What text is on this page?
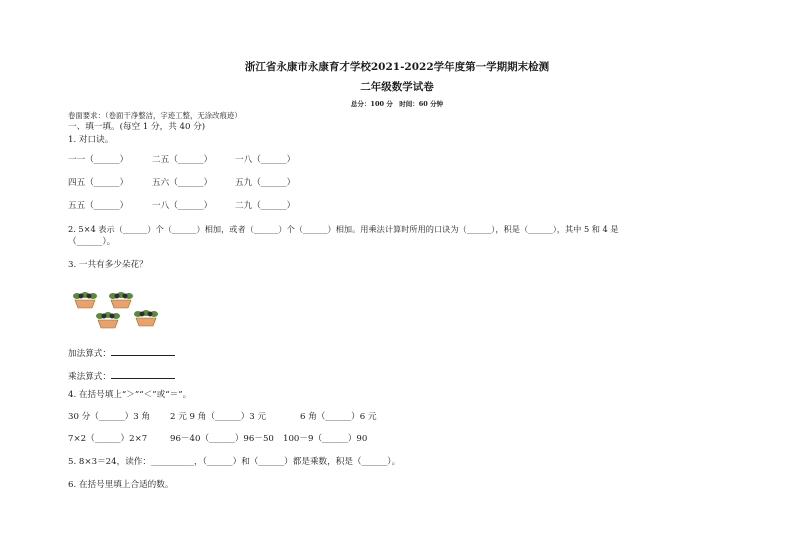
浙江省永康市永康育才学校2021-2022学年度第一学期期末检测
二年级数学试卷
总分：100 分　时间：60 分钟
卷面要求：（卷面干净整洁，字迹工整，无涂改痕迹）
一、填一填。(每空 1 分，共 40 分)
1. 对口诀。
一一（______）	二五（______）	一八（______）
四五（______）	五六（______）	五九（______）
五五（______）	一八（______）	二九（______）
2. 5×4 表示（______）个（______）相加，或者（______）个（______）相加。用乘法计算时所用的口诀为（______），积是（______），其中 5 和 4 是
（______）。
3. 一共有多少朵花？
加法算式：
乘法算式：
4. 在括号填上“＞”“＜”或“＝”。
30 分（______）3 角 2 元 9 角（______）3 元	6 角（______）6 元
7×2（______）2×7	96－40（______）96－50 100－9（______）90
5. 8×3＝24，读作：__________，（______）和（______）都是乘数，积是（______）。
6. 在括号里填上合适的数。
